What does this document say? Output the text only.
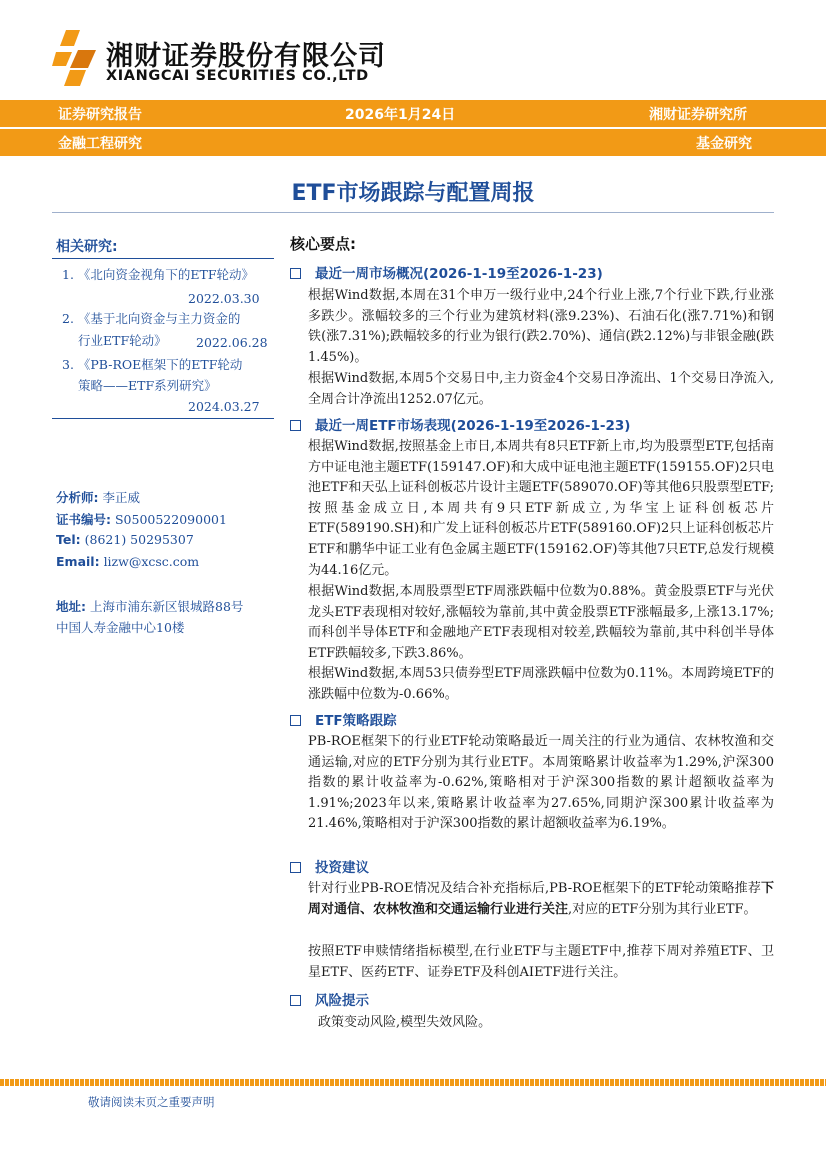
湘财证券股份有限公司
XIANGCAI SECURITIES CO.,LTD
证券研究报告	2026年1月24日	湘财证券研究所
金融工程研究	基金研究
ETF市场跟踪与配置周报
相关研究:
1. 《北向资金视角下的ETF轮动》
2022.03.30
2. 《基于北向资金与主力资金的
行业ETF轮动》 2022.06.28
3. 《PB-ROE框架下的ETF轮动
策略——ETF系列研究》
2024.03.27
分析师: 李正威
证书编号: S0500522090001
Tel: (8621) 50295307
Email: lizw@xcsc.com
地址: 上海市浦东新区银城路88号
中国人寿金融中心10楼
核心要点:
最近一周市场概况(2026-1-19至2026-1-23)
根据Wind数据,本周在31个申万一级行业中,24个行业上涨,7个行业下跌,行业涨多跌少。涨幅较多的三个行业为建筑材料(涨9.23%)、石油石化(涨7.71%)和钢铁(涨7.31%);跌幅较多的行业为银行(跌2.70%)、通信(跌2.12%)与非银金融(跌1.45%)。
根据Wind数据,本周5个交易日中,主力资金4个交易日净流出、1个交易日净流入,全周合计净流出1252.07亿元。
最近一周ETF市场表现(2026-1-19至2026-1-23)
根据Wind数据,按照基金上市日,本周共有8只ETF新上市,均为股票型ETF,包括南方中证电池主题ETF(159147.OF)和大成中证电池主题ETF(159155.OF)2只电池ETF和天弘上证科创板芯片设计主题ETF(589070.OF)等其他6只股票型ETF;按照基金成立日,本周共有9只ETF新成立,为华宝上证科创板芯片ETF(589190.SH)和广发上证科创板芯片ETF(589160.OF)2只上证科创板芯片ETF和鹏华中证工业有色金属主题ETF(159162.OF)等其他7只ETF,总发行规模为44.16亿元。
根据Wind数据,本周股票型ETF周涨跌幅中位数为0.88%。黄金股票ETF与光伏龙头ETF表现相对较好,涨幅较为靠前,其中黄金股票ETF涨幅最多,上涨13.17%;而科创半导体ETF和金融地产ETF表现相对较差,跌幅较为靠前,其中科创半导体ETF跌幅较多,下跌3.86%。
根据Wind数据,本周53只债券型ETF周涨跌幅中位数为0.11%。本周跨境ETF的涨跌幅中位数为-0.66%。
ETF策略跟踪
PB-ROE框架下的行业ETF轮动策略最近一周关注的行业为通信、农林牧渔和交通运输,对应的ETF分别为其行业ETF。本周策略累计收益率为1.29%,沪深300指数的累计收益率为-0.62%,策略相对于沪深300指数的累计超额收益率为1.91%;2023年以来,策略累计收益率为27.65%,同期沪深300累计收益率为21.46%,策略相对于沪深300指数的累计超额收益率为6.19%。
投资建议
针对行业PB-ROE情况及结合补充指标后,PB-ROE框架下的ETF轮动策略推荐下周对通信、农林牧渔和交通运输行业进行关注,对应的ETF分别为其行业ETF。
按照ETF申赎情绪指标模型,在行业ETF与主题ETF中,推荐下周对养殖ETF、卫星ETF、医药ETF、证券ETF及科创AIETF进行关注。
风险提示
政策变动风险,模型失效风险。
敬请阅读末页之重要声明
